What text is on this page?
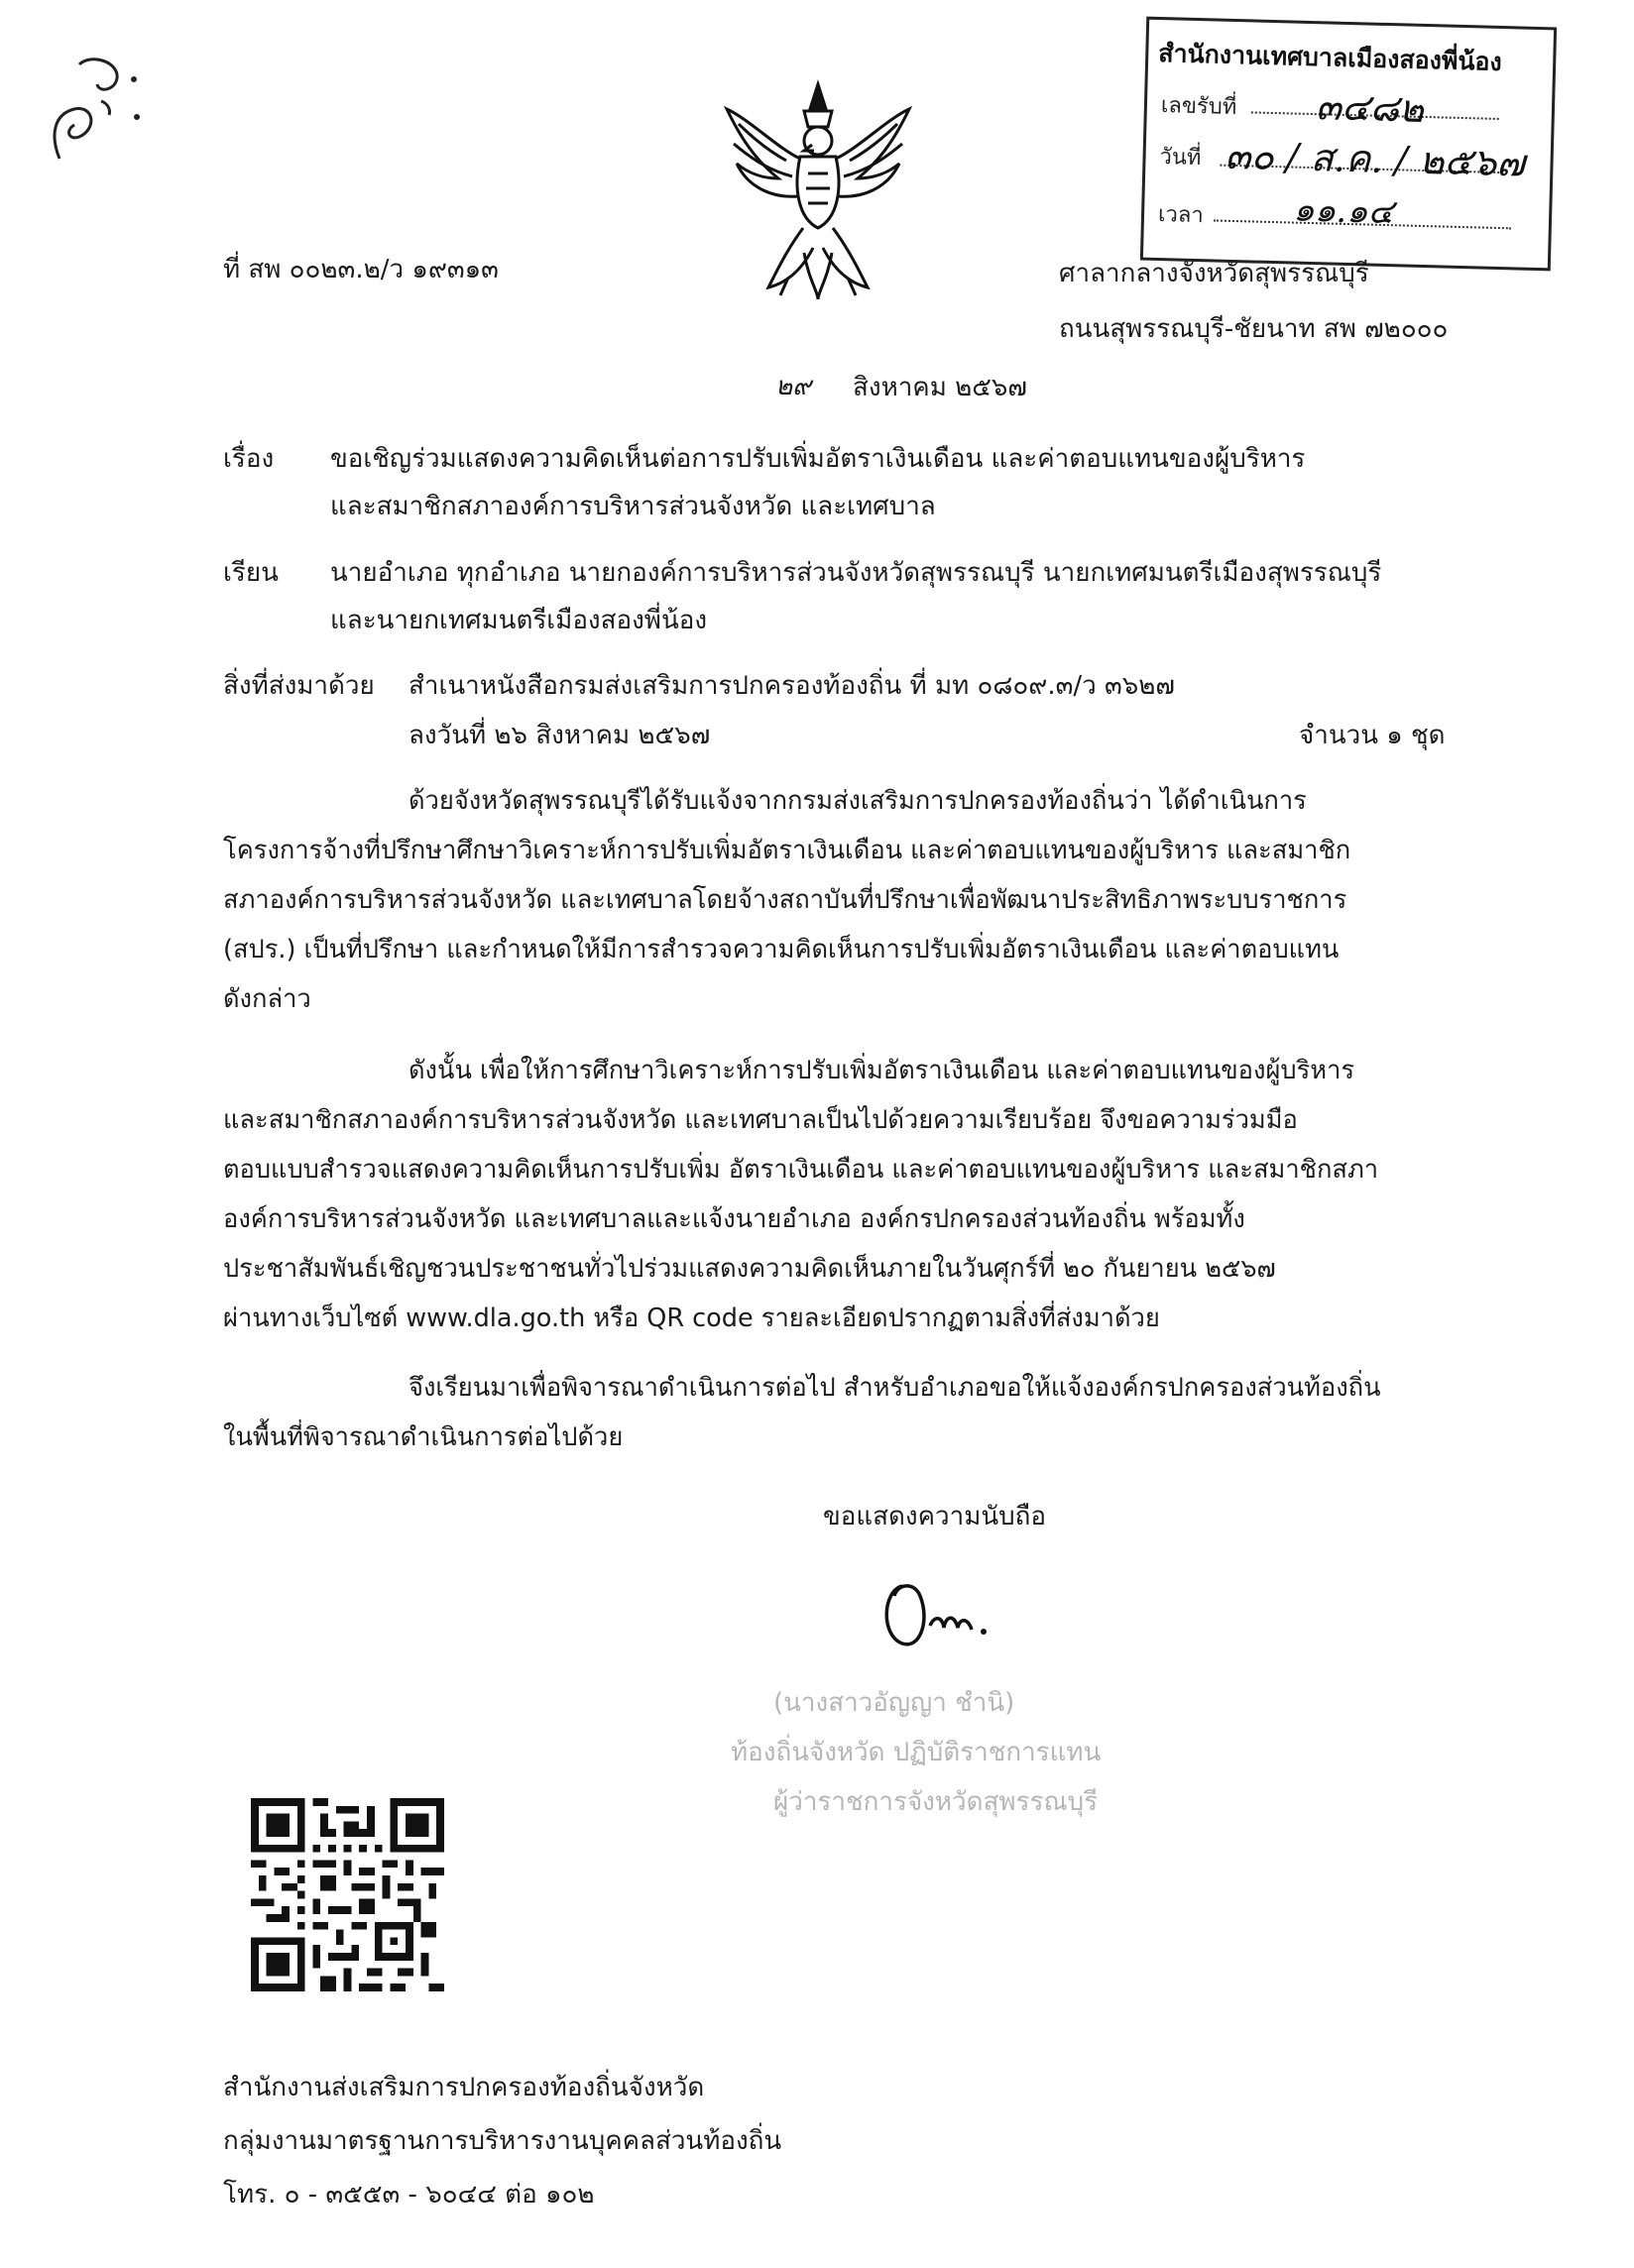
สำนักงานเทศบาลเมืองสองพี่น้อง
เลขรับที่ ๓๔๘๒
วันที่ ๓๐ / ส.ค. / ๒๕๖๗
เวลา	๑๑.๑๔
ที่ สพ ๐๐๒๓.๒/ว ๑๙๓๑๓	ศาลากลางจังหวัดสุพรรณบุรี
ถนนสุพรรณบุรี-ชัยนาท สพ ๗๒๐๐๐
๒๙ สิงหาคม ๒๕๖๗
เรื่อง ขอเชิญร่วมแสดงความคิดเห็นต่อการปรับเพิ่มอัตราเงินเดือน และค่าตอบแทนของผู้บริหาร
และสมาชิกสภาองค์การบริหารส่วนจังหวัด และเทศบาล
เรียน นายอำเภอ ทุกอำเภอ นายกองค์การบริหารส่วนจังหวัดสุพรรณบุรี นายกเทศมนตรีเมืองสุพรรณบุรี
และนายกเทศมนตรีเมืองสองพี่น้อง
สิ่งที่ส่งมาด้วย สำเนาหนังสือกรมส่งเสริมการปกครองท้องถิ่น ที่ มท ๐๘๐๙.๓/ว ๓๖๒๗
ลงวันที่ ๒๖ สิงหาคม ๒๕๖๗	จำนวน ๑ ชุด
ด้วยจังหวัดสุพรรณบุรีได้รับแจ้งจากกรมส่งเสริมการปกครองท้องถิ่นว่า ได้ดำเนินการ
โครงการจ้างที่ปรึกษาศึกษาวิเคราะห์การปรับเพิ่มอัตราเงินเดือน และค่าตอบแทนของผู้บริหาร และสมาชิก
สภาองค์การบริหารส่วนจังหวัด และเทศบาลโดยจ้างสถาบันที่ปรึกษาเพื่อพัฒนาประสิทธิภาพระบบราชการ
(สปร.) เป็นที่ปรึกษา และกำหนดให้มีการสำรวจความคิดเห็นการปรับเพิ่มอัตราเงินเดือน และค่าตอบแทน
ดังกล่าว
ดังนั้น เพื่อให้การศึกษาวิเคราะห์การปรับเพิ่มอัตราเงินเดือน และค่าตอบแทนของผู้บริหาร
และสมาชิกสภาองค์การบริหารส่วนจังหวัด และเทศบาลเป็นไปด้วยความเรียบร้อย จึงขอความร่วมมือ
ตอบแบบสำรวจแสดงความคิดเห็นการปรับเพิ่ม อัตราเงินเดือน และค่าตอบแทนของผู้บริหาร และสมาชิกสภา
องค์การบริหารส่วนจังหวัด และเทศบาลและแจ้งนายอำเภอ องค์กรปกครองส่วนท้องถิ่น พร้อมทั้ง
ประชาสัมพันธ์เชิญชวนประชาชนทั่วไปร่วมแสดงความคิดเห็นภายในวันศุกร์ที่ ๒๐ กันยายน ๒๕๖๗
ผ่านทางเว็บไซต์ www.dla.go.th หรือ QR code รายละเอียดปรากฏตามสิ่งที่ส่งมาด้วย
จึงเรียนมาเพื่อพิจารณาดำเนินการต่อไป สำหรับอำเภอขอให้แจ้งองค์กรปกครองส่วนท้องถิ่น
ในพื้นที่พิจารณาดำเนินการต่อไปด้วย
ขอแสดงความนับถือ
(นางสาวอัญญา ชำนิ)
ท้องถิ่นจังหวัด ปฏิบัติราชการแทน
ผู้ว่าราชการจังหวัดสุพรรณบุรี
สำนักงานส่งเสริมการปกครองท้องถิ่นจังหวัด
กลุ่มงานมาตรฐานการบริหารงานบุคคลส่วนท้องถิ่น
โทร. ๐ - ๓๕๕๓ - ๖๐๔๔ ต่อ ๑๐๒
